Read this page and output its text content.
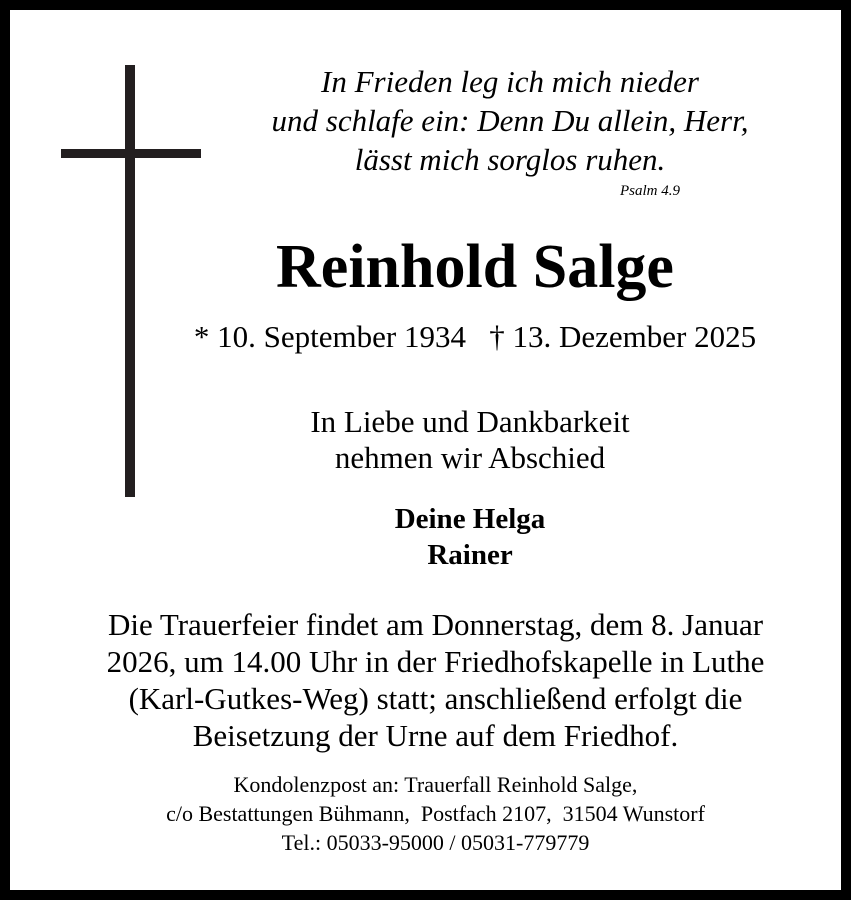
In Frieden leg ich mich nieder
und schlafe ein: Denn Du allein, Herr,
lässt mich sorglos ruhen.
Psalm 4.9
Reinhold Salge
* 10. September 1934   † 13. Dezember 2025
In Liebe und Dankbarkeit
nehmen wir Abschied
Deine Helga
Rainer
Die Trauerfeier findet am Donnerstag, dem 8. Januar
2026, um 14.00 Uhr in der Friedhofskapelle in Luthe
(Karl-Gutkes-Weg) statt; anschließend erfolgt die
Beisetzung der Urne auf dem Friedhof.
Kondolenzpost an: Trauerfall Reinhold Salge,
c/o Bestattungen Bühmann,  Postfach 2107,  31504 Wunstorf
Tel.: 05033-95000 / 05031-779779
